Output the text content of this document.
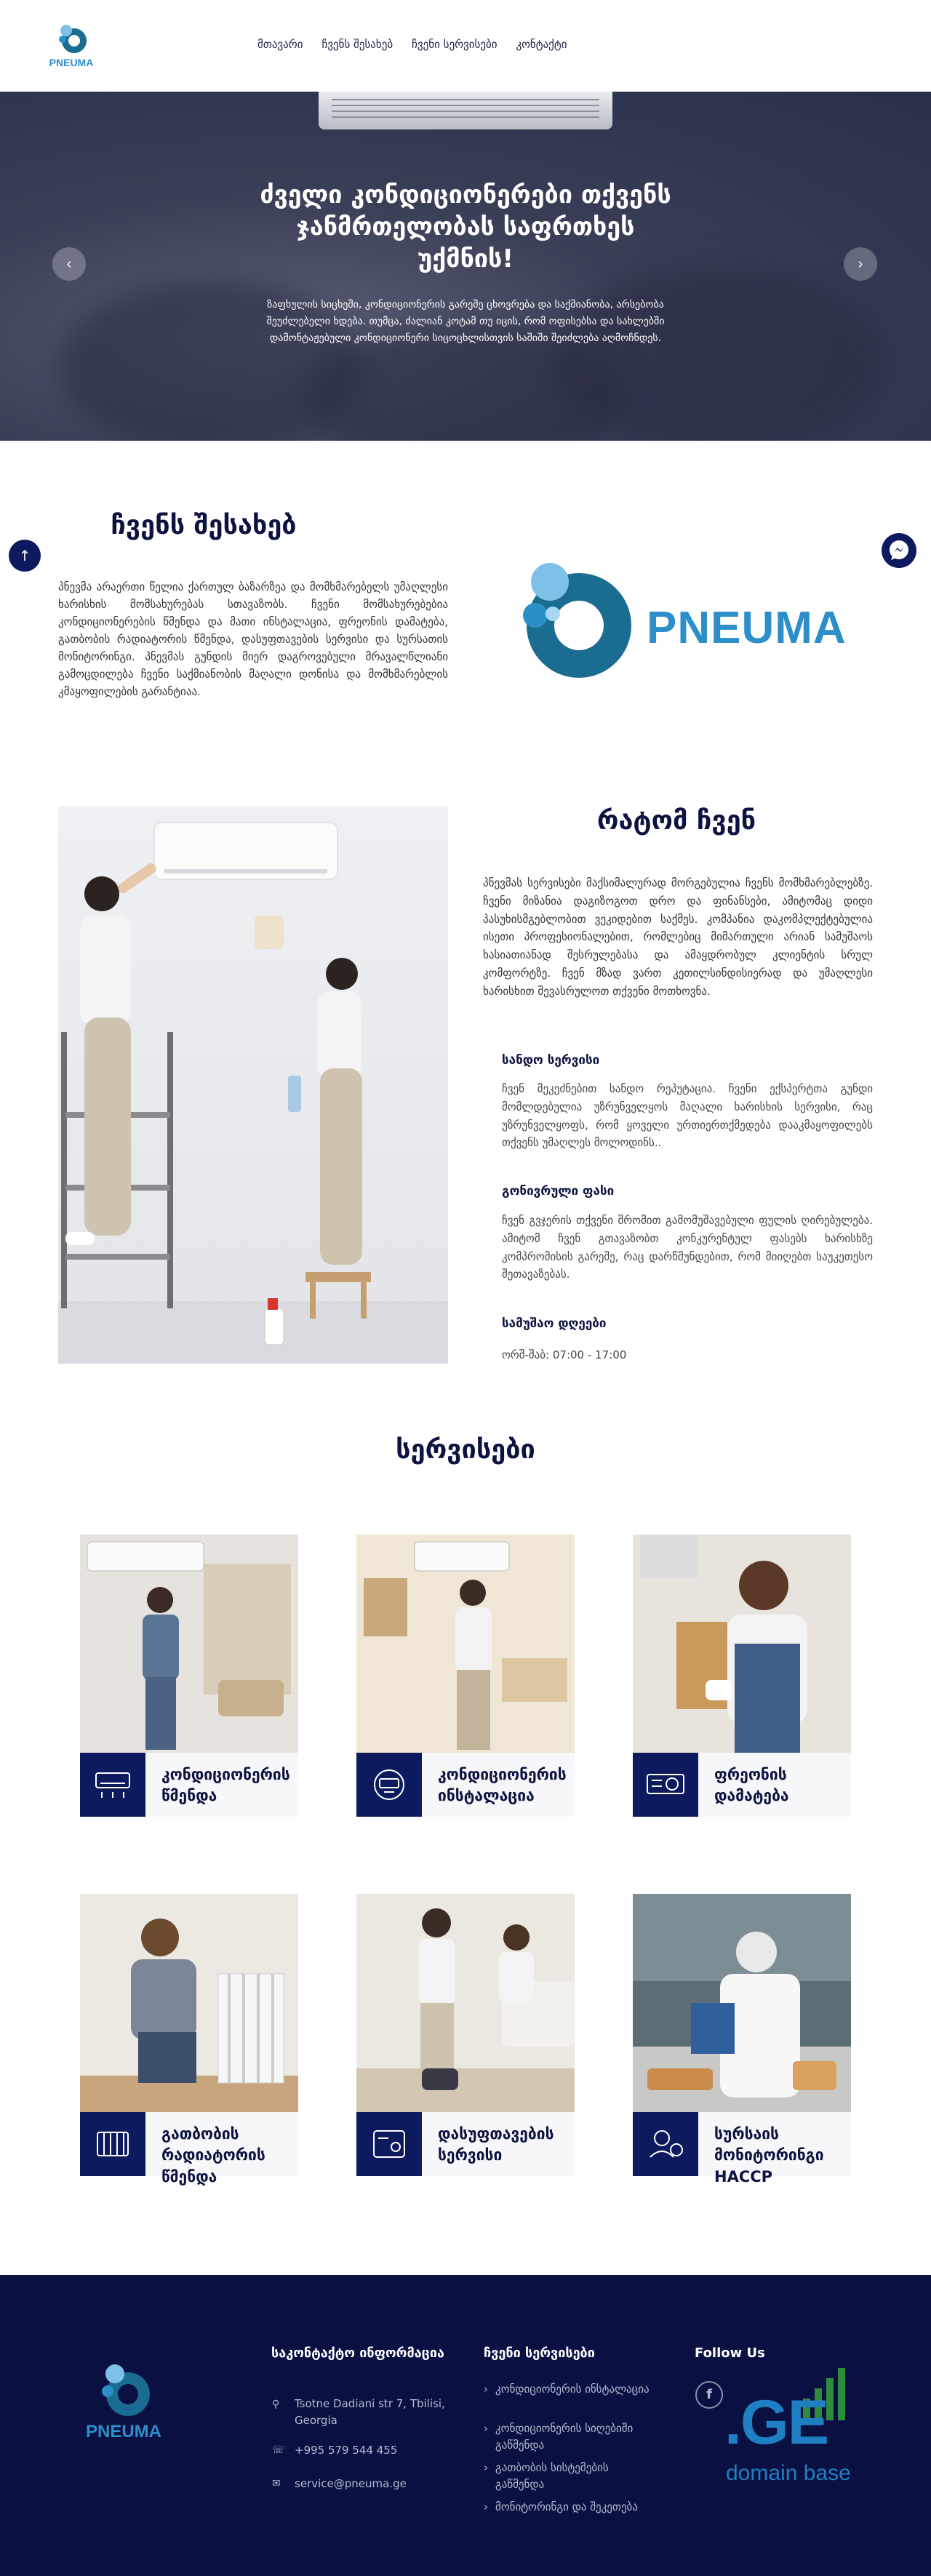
PNEUMA
მთავარი ჩვენს შესახებ ჩვენი სერვისები კონტაქტი
ძველი კონდიციონერები თქვენს ჯანმრთელობას საფრთხეს უქმნის!

ზაფხულის სიცხეში, კონდიციონერის გარეშე ცხოვრება და საქმიანობა, არსებობა შეუძლებელი ხდება. თუმცა, ძალიან კოტამ თუ იცის, რომ ოფისებსა და სახლებში დამონტაჟებული კონდიციონერი სიცოცხლისთვის საშიში შეიძლება აღმოჩნდეს.

‹	›
↑
ჩვენს შესახებ

პნევმა არაერთი წელია ქართულ ბაზარზეა და მომხმარებელს უმაღლესი ხარისხის მომსახურებას სთავაზობს. ჩვენი მომსახურებებია კონდიციონერების წმენდა და მათი ინსტალაცია, ფრეონის დამატება, გათბობის რადიატორის წმენდა, დასუფთავების სერვისი და სურსათის მონიტორინგი. პნევმას გუნდის მიერ დაგროვებული მრავალწლიანი გამოცდილება ჩვენი საქმიანობის მაღალი დონისა და მომხმარებლის კმაყოფილების გარანტიაა.

PNEUMA
რატომ ჩვენ

პნევმას სერვისები მაქსიმალურად მორგებულია ჩვენს მომხმარებლებზე. ჩვენი მიზანია დაგიზოგოთ დრო და ფინანსები, ამიტომაც დიდი პასუხისმგებლობით ვეკიდებით საქმეს. კომპანია დაკომპლექტებულია ისეთი პროფესიონალებით, რომლებიც მიმართული არიან სამუშაოს ხასიათიანად შესრულებასა და ამაყდრობულ კლიენტის სრულ კომფორტზე. ჩვენ მზად ვართ კეთილსინდისიერად და უმაღლესი ხარისხით შევასრულოთ თქვენი მოთხოვნა.

სანდო სერვისი

ჩვენ მეკეძნებით სანდო რეპუტაცია. ჩვენი ექსპერტთა გუნდი მომლდებულია უზრუნველყოს მაღალი ხარისხის სერვისი, რაც უზრუნველყოფს, რომ ყოველი ურთიერთქმედება დააკმაყოფილებს თქვენს უმაღლეს მოლოდინს..

გონივრული ფასი

ჩვენ გვჯერის თქვენი შრომით გამომუშავებული ფულის ღირებულება. ამიტომ ჩვენ გთავაზობთ კონკურენტულ ფასებს ხარისხზე კომპრომისის გარეშე, რაც დარწმუნდებით, რომ მიიღებთ საუკეთესო შეთავაზებას.

სამუშაო დღეები

ორშ-შაბ: 07:00 - 17:00

სერვისები
კონდიციონერის წმენდა
კონდიციონერის ინსტალაცია
ფრეონის დამატება
გათბობის რადიატორის წმენდა
დასუფთავების სერვისი
სურსაის მონიტორინგი HACCP
PNEUMA
საკონტაქტო ინფორმაცია
⚲	Tsotne Dadiani str 7, Tbilisi, Georgia
☏ +995 579 544 455
✉ service@pneuma.ge
ჩვენი სერვისები
› კონდიციონერის ინსტალაცია
› კონდიციონერის სიღებიში გაწმენდა
› გათბობის სისტემების გაწმენდა
› მონიტორინგი და შეკეთება
Follow Us
f .GE
domain base
